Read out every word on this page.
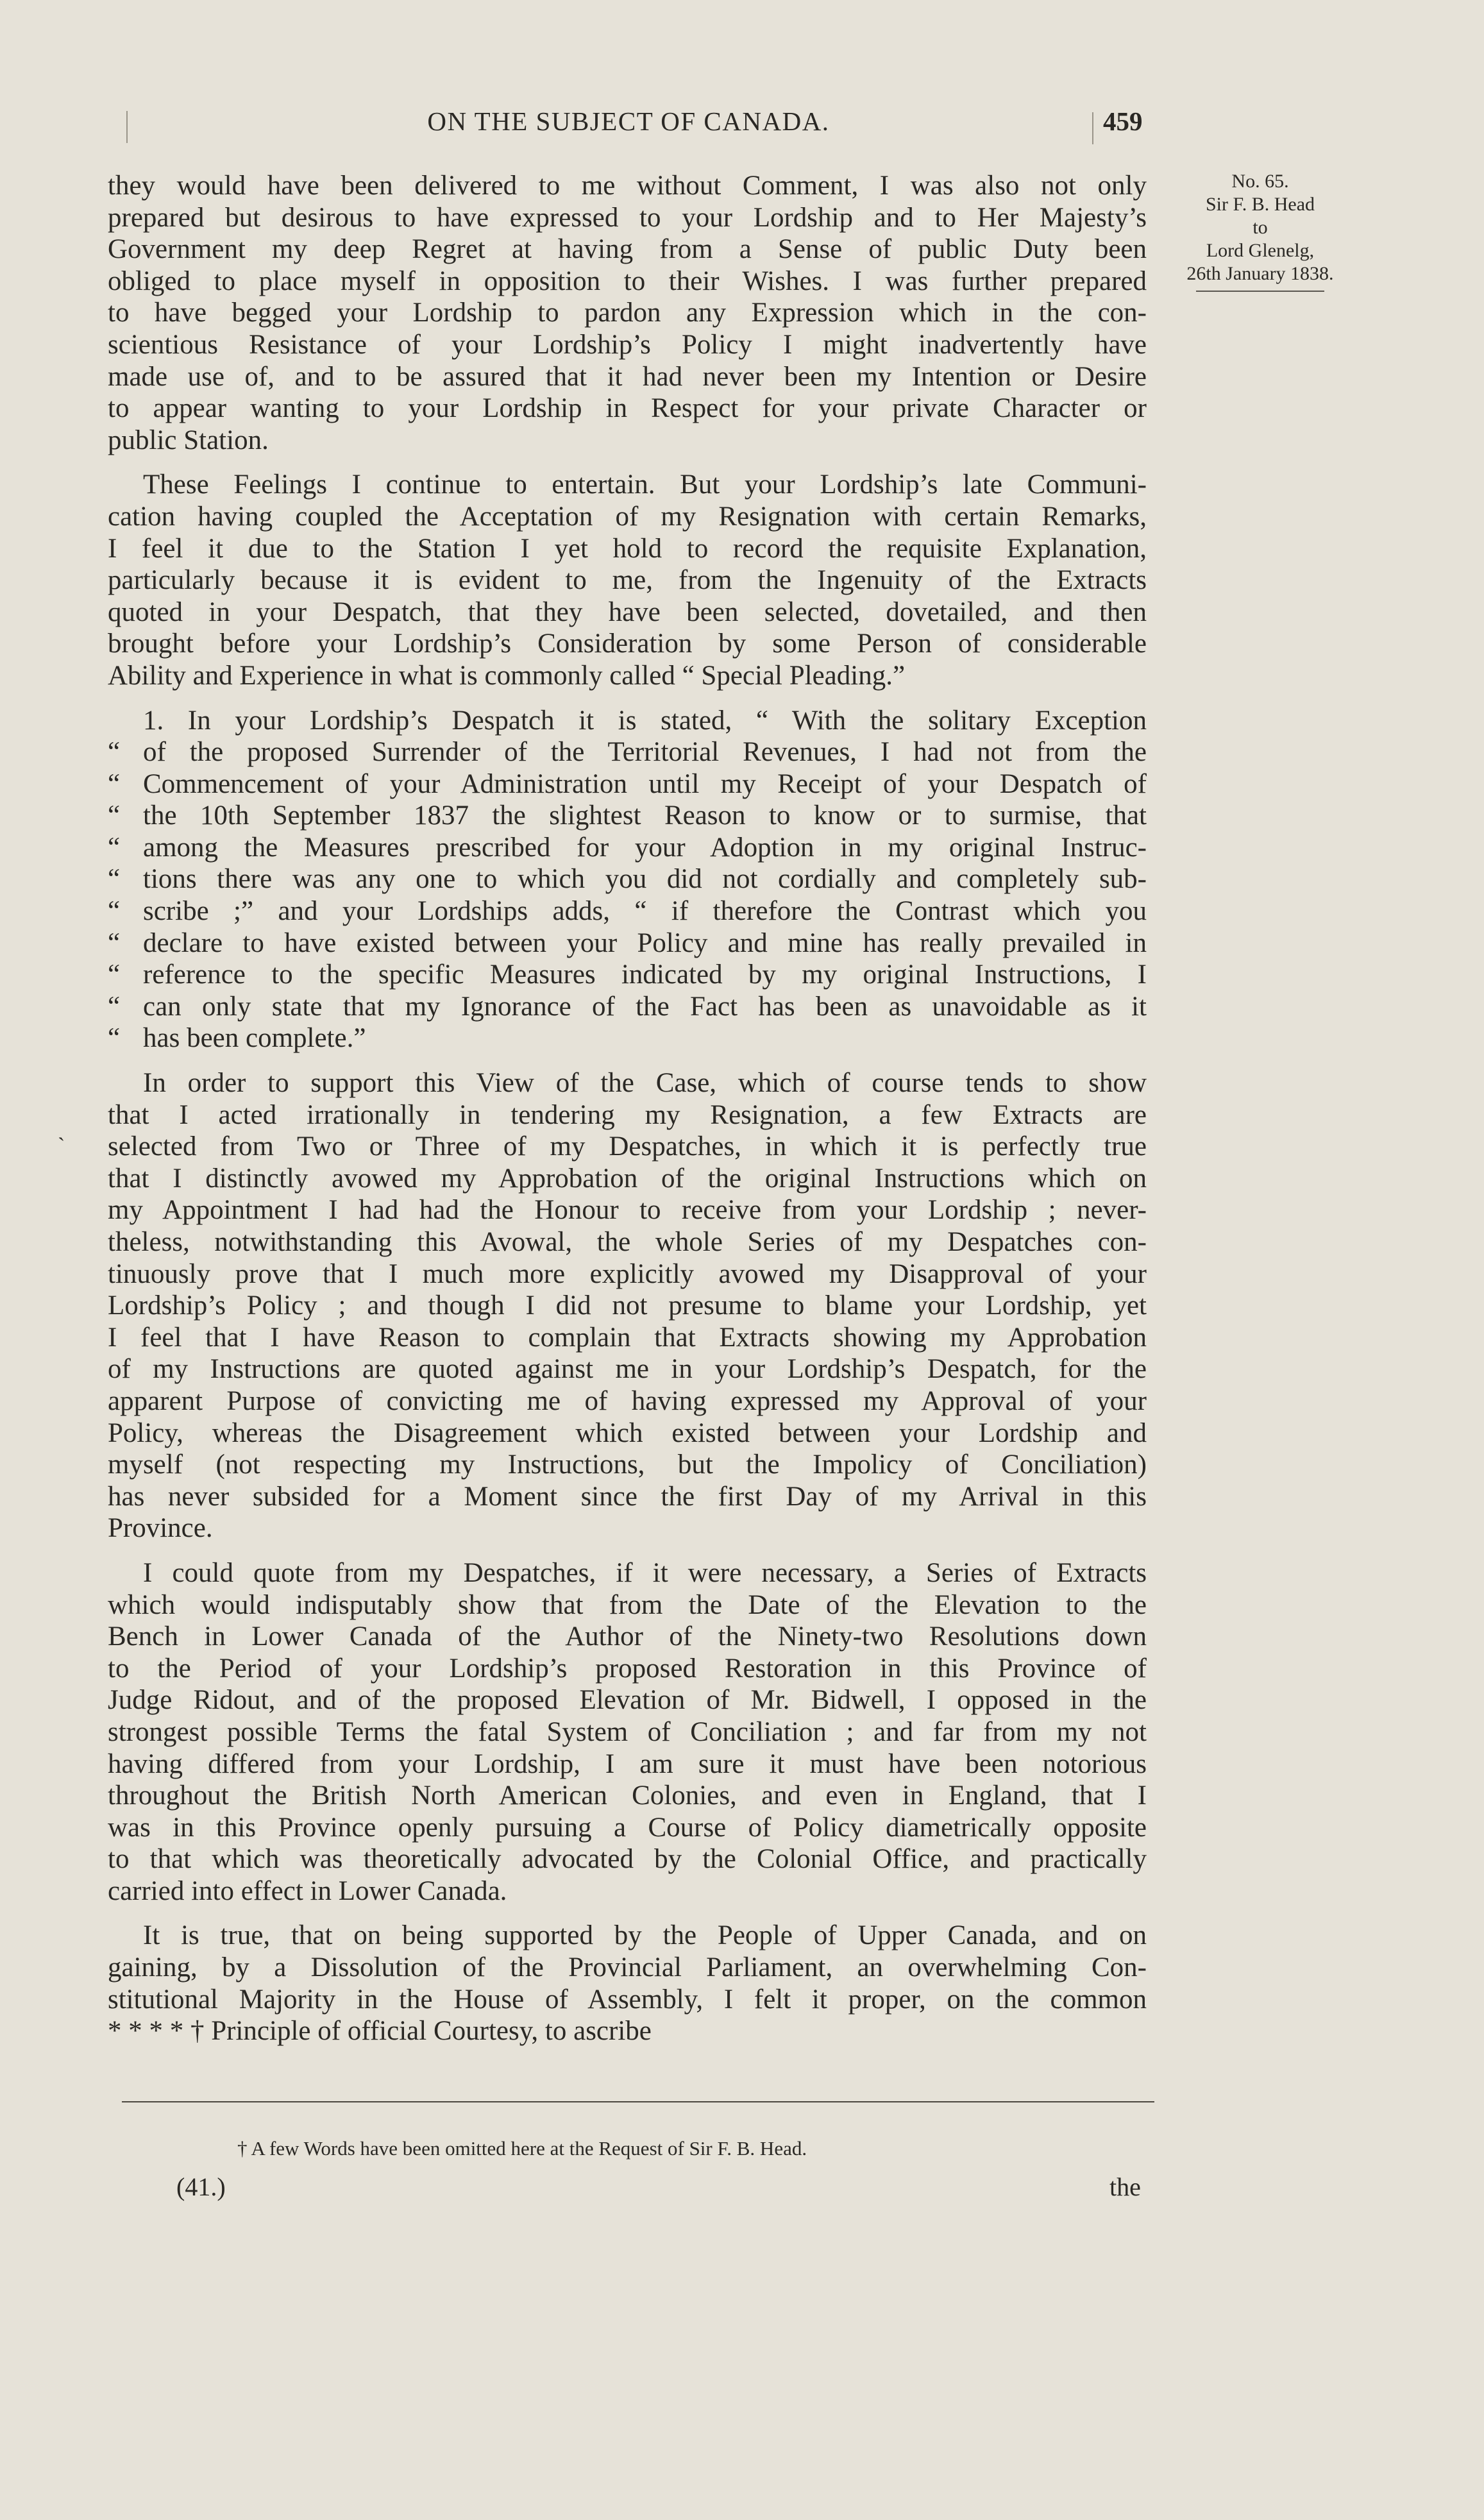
ON THE SUBJECT OF CANADA.	459
No. 65.
Sir F. B. Head
to
Lord Glenelg,
26th January 1838.
`
they would have been delivered to me without Comment, I was also not only
prepared but desirous to have expressed to your Lordship and to Her Majesty’s
Government my deep Regret at having from a Sense of public Duty been
obliged to place myself in opposition to their Wishes. I was further prepared
to have begged your Lordship to pardon any Expression which in the con-
scientious Resistance of your Lordship’s Policy I might inadvertently have
made use of, and to be assured that it had never been my Intention or Desire
to appear wanting to your Lordship in Respect for your private Character or
public Station.
These Feelings I continue to entertain. But your Lordship’s late Communi-
cation having coupled the Acceptation of my Resignation with certain Remarks,
I feel it due to the Station I yet hold to record the requisite Explanation,
particularly because it is evident to me, from the Ingenuity of the Extracts
quoted in your Despatch, that they have been selected, dovetailed, and then
brought before your Lordship’s Consideration by some Person of considerable
Ability and Experience in what is commonly called “ Special Pleading.”
1. In your Lordship’s Despatch it is stated, “ With the solitary Exception
“ of the proposed Surrender of the Territorial Revenues, I had not from the
“ Commencement of your Administration until my Receipt of your Despatch of
“ the 10th September 1837 the slightest Reason to know or to surmise, that
“ among the Measures prescribed for your Adoption in my original Instruc-
“ tions there was any one to which you did not cordially and completely sub-
“ scribe ;” and your Lordships adds, “ if therefore the Contrast which you
“ declare to have existed between your Policy and mine has really prevailed in
“ reference to the specific Measures indicated by my original Instructions, I
“ can only state that my Ignorance of the Fact has been as unavoidable as it
“ has been complete.”
In order to support this View of the Case, which of course tends to show
that I acted irrationally in tendering my Resignation, a few Extracts are
selected from Two or Three of my Despatches, in which it is perfectly true
that I distinctly avowed my Approbation of the original Instructions which on
my Appointment I had had the Honour to receive from your Lordship ; never-
theless, notwithstanding this Avowal, the whole Series of my Despatches con-
tinuously prove that I much more explicitly avowed my Disapproval of your
Lordship’s Policy ; and though I did not presume to blame your Lordship, yet
I feel that I have Reason to complain that Extracts showing my Approbation
of my Instructions are quoted against me in your Lordship’s Despatch, for the
apparent Purpose of convicting me of having expressed my Approval of your
Policy, whereas the Disagreement which existed between your Lordship and
myself (not respecting my Instructions, but the Impolicy of Conciliation)
has never subsided for a Moment since the first Day of my Arrival in this
Province.
I could quote from my Despatches, if it were necessary, a Series of Extracts
which would indisputably show that from the Date of the Elevation to the
Bench in Lower Canada of the Author of the Ninety-two Resolutions down
to the Period of your Lordship’s proposed Restoration in this Province of
Judge Ridout, and of the proposed Elevation of Mr. Bidwell, I opposed in the
strongest possible Terms the fatal System of Conciliation ; and far from my not
having differed from your Lordship, I am sure it must have been notorious
throughout the British North American Colonies, and even in England, that I
was in this Province openly pursuing a Course of Policy diametrically opposite
to that which was theoretically advocated by the Colonial Office, and practically
carried into effect in Lower Canada.
It is true, that on being supported by the People of Upper Canada, and on
gaining, by a Dissolution of the Provincial Parliament, an overwhelming Con-
stitutional Majority in the House of Assembly, I felt it proper, on the common
* * * * † Principle of official Courtesy, to ascribe
† A few Words have been omitted here at the Request of Sir F. B. Head.
(41.)	the
